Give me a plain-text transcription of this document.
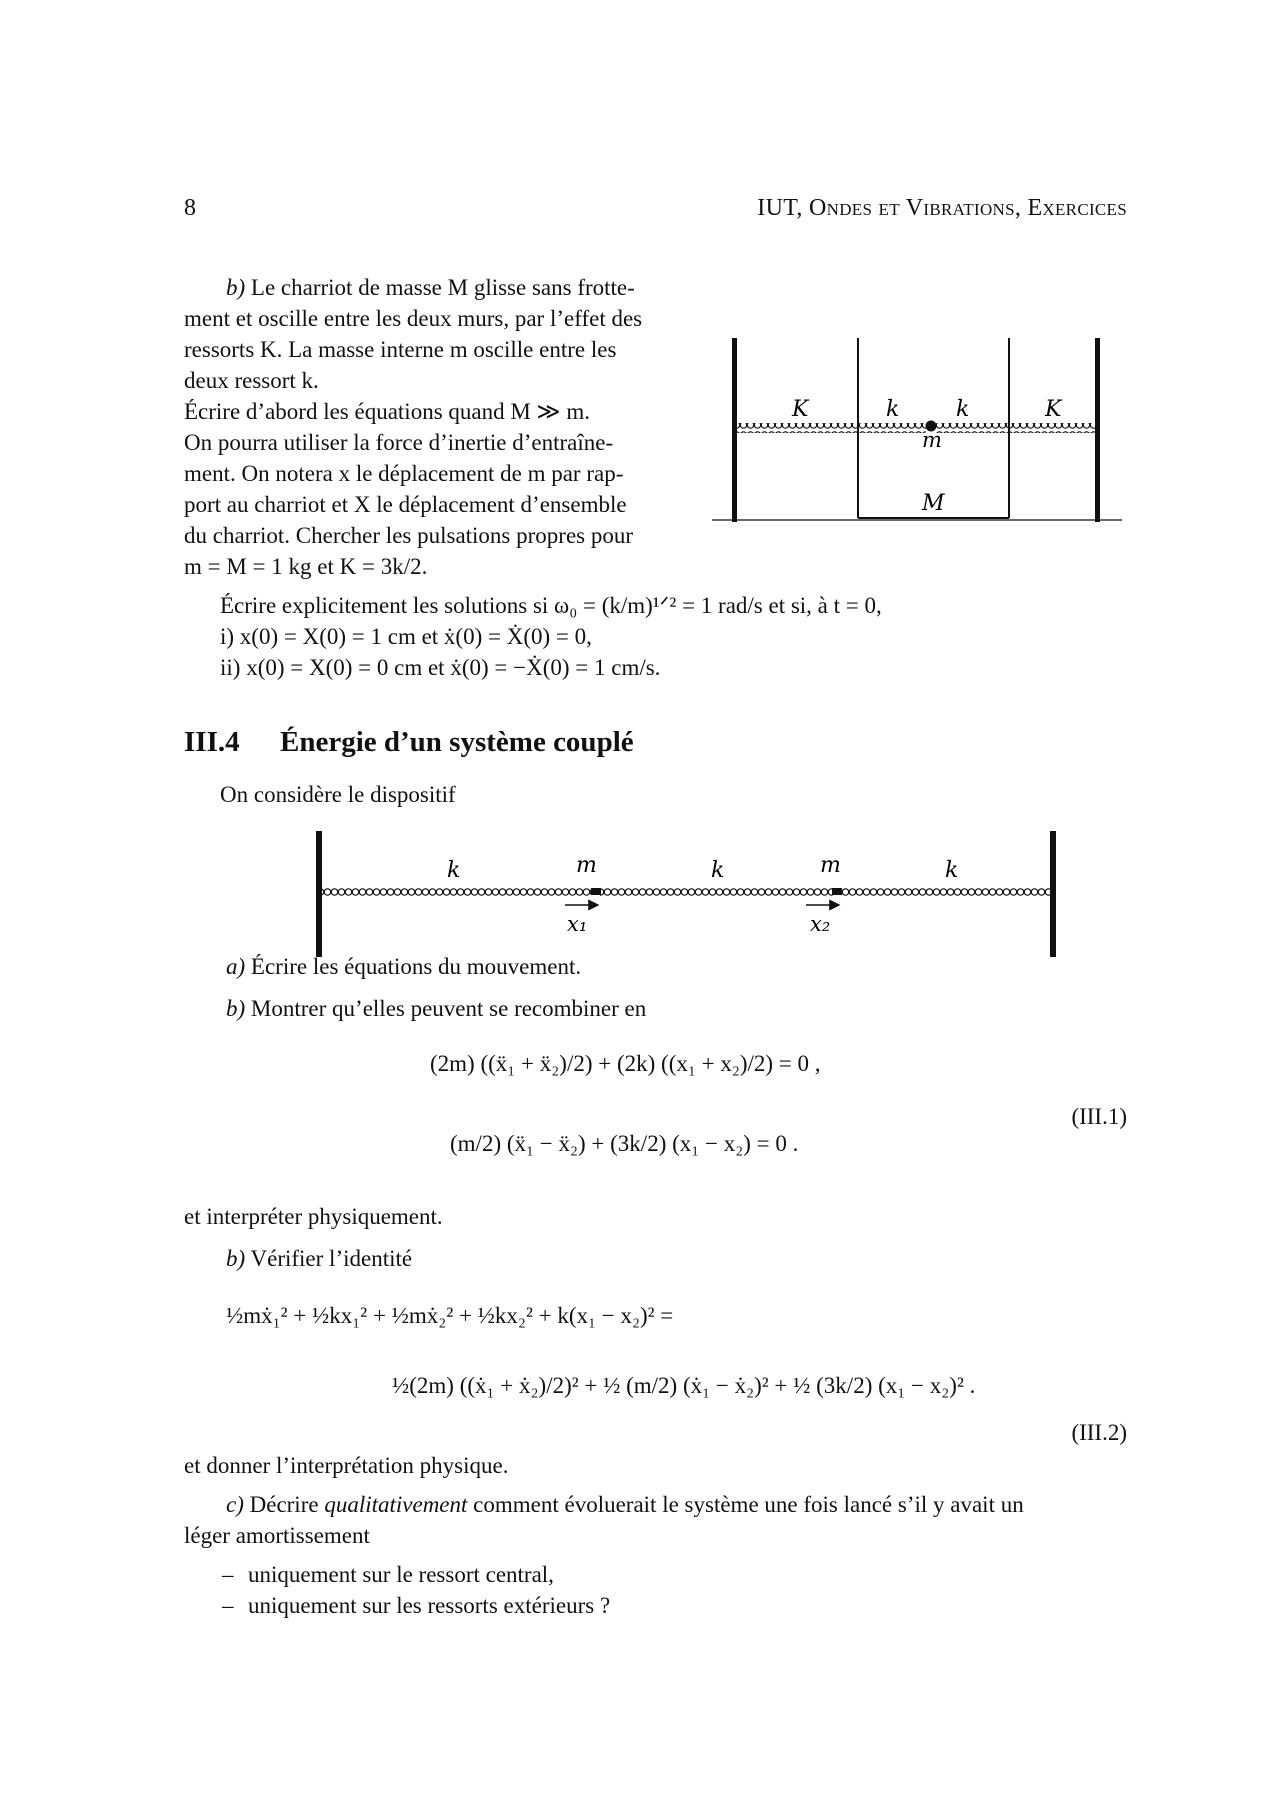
8	IUT, Ondes et Vibrations, Exercices

b) Le charriot de masse M glisse sans frotte-

ment et oscille entre les deux murs, par l’effet des

ressorts K. La masse interne m oscille entre les

deux ressort k.

Écrire d’abord les équations quand M ≫ m.

On pourra utiliser la force d’inertie d’entraîne-

ment. On notera x le déplacement de m par rap-

port au charriot et X le déplacement d’ensemble

du charriot. Chercher les pulsations propres pour

m = M = 1 kg et K = 3k/2.

K	k	k	K
m
M
Écrire explicitement les solutions si ω₀ = (k/m)¹ᐟ² = 1 rad/s et si, à t = 0,
i) x(0) = X(0) = 1 cm et ẋ(0) = Ẋ(0) = 0,
ii) x(0) = X(0) = 0 cm et ẋ(0) = −Ẋ(0) = 1 cm/s.
III.4 Énergie d’un système couplé
On considère le dispositif
k	m	k	m	k
x₁	x₂
a) Écrire les équations du mouvement.
b) Montrer qu’elles peuvent se recombiner en
(2m) ((ẍ₁ + ẍ₂)/2) + (2k) ((x₁ + x₂)/2) = 0 ,
(m/2) (ẍ₁ − ẍ₂) + (3k/2) (x₁ − x₂) = 0 .
(III.1)
et interpréter physiquement.
b) Vérifier l’identité
½mẋ₁² + ½kx₁² + ½mẋ₂² + ½kx₂² + k(x₁ − x₂)² =
½(2m) ((ẋ₁ + ẋ₂)/2)² + ½ (m/2) (ẋ₁ − ẋ₂)² + ½ (3k/2) (x₁ − x₂)² .
(III.2)
et donner l’interprétation physique.
c) Décrire qualitativement comment évoluerait le système une fois lancé s’il y avait un
léger amortissement
– uniquement sur le ressort central,
– uniquement sur les ressorts extérieurs ?
